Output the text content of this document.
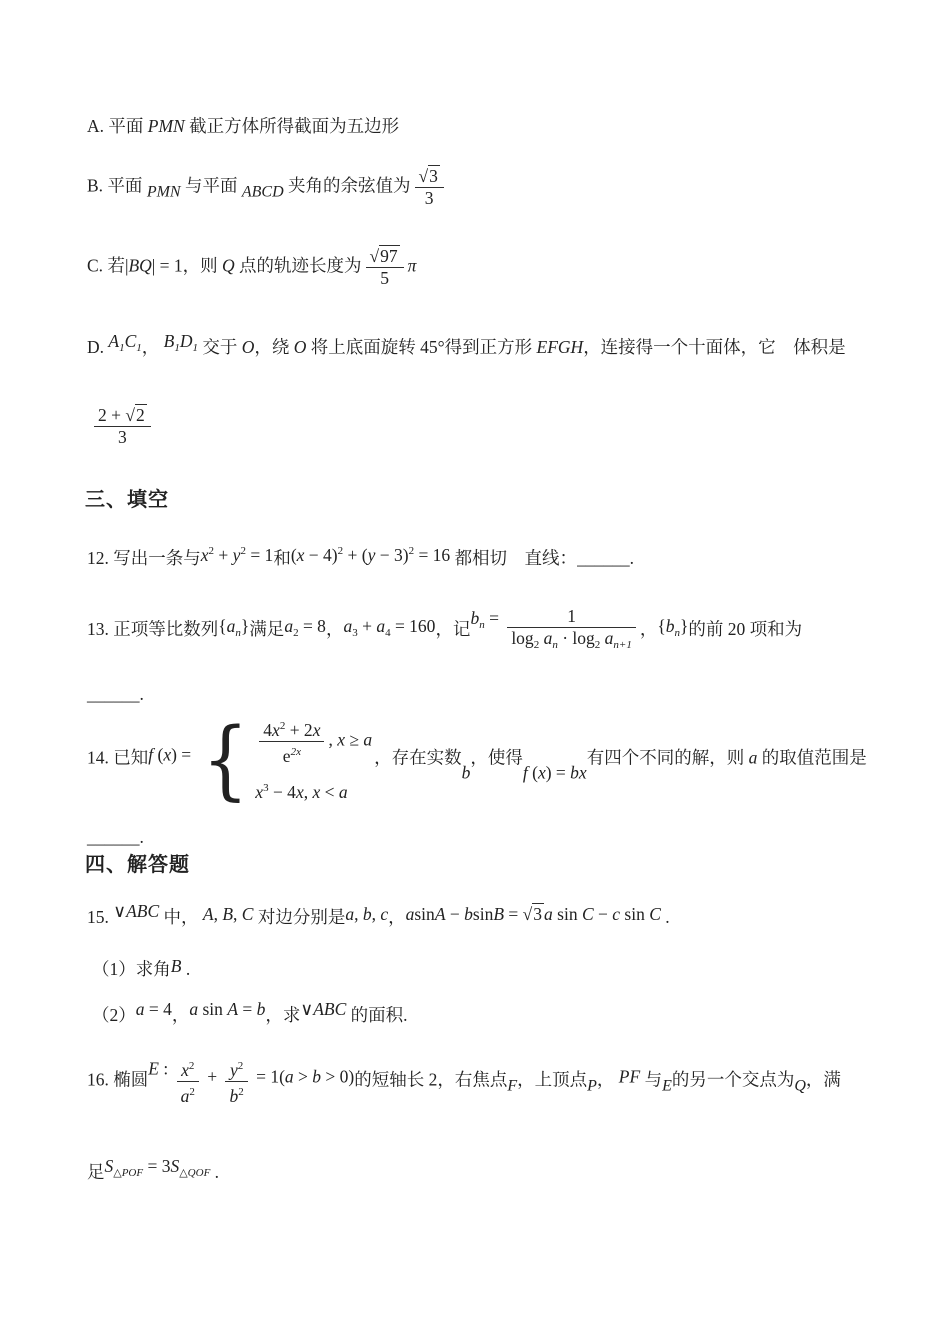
A. 平面 PMN 截正方体所得截面为五边形
B. 平面 PMN 与平面 ABCD 夹角的余弦值为 $\frac{√3}{3}$
C. 若|BQ| = 1，则 Q 点的轨迹长度为 $\frac{√97}{5}$ π
D. $A_1C_1$， $B_1D_1$ 交于 O，绕 O 将上底面旋转 45°得到正方形 EFGH，连接得一个十面体，它　体积是
$\frac{2 + √2}{3}$
三、填空
12. 写出一条与$x^2 + y^2 = 1$和$(x - 4)^2 + (y - 3)^2 = 16$ 都相切　直线：______.
13. 正项等比数列$\{a_n\}$满足$a_2 = 8$，$a_3 + a_4 = 160$，记$b_n = \frac{1}{\log_2 a_n \cdot \log_2 a_{n+1}}$ ，$\{b_n\}$的前 20 项和为
______.
14. 已知f (x) = { $\frac{4x^2 + 2x}{e^{2x}}$ , x ≥ a
$x^3 - 4x$, x < a
，存在实数b，使得f (x) = bx有四个不同的解，则 a 的取值范围是
______.
四、解答题
15. ∨ABC 中， A, B, C 对边分别是a, b, c，asinA − bsinB = √3 a sin C − c sin C .
（1）求角B .
（2）a = 4，a sin A = b，求∨ABC 的面积.
16. 椭圆E : $\frac{x^2}{a^2} + \frac{y^2}{b^2} = 1(a > b > 0)$的短轴长 2，右焦点F，上顶点P， PF 与E的另一个交点为Q，满
足$S_{\triangle POF} = 3S_{\triangle QOF}$ .
